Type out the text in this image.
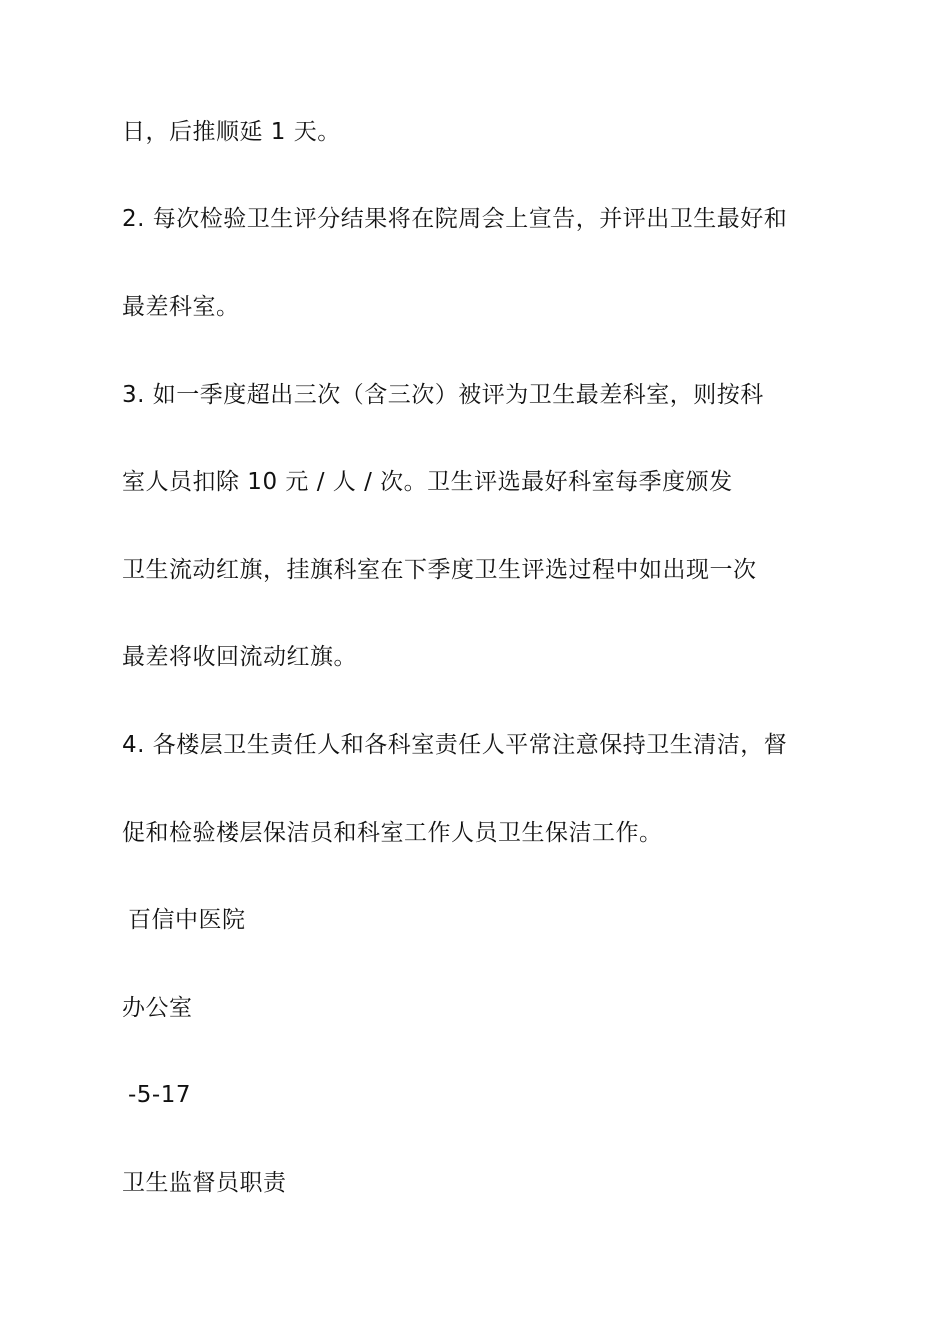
日，后推顺延 1 天。
2. 每次检验卫生评分结果将在院周会上宣告，并评出卫生最好和
最差科室。
3. 如一季度超出三次（含三次）被评为卫生最差科室，则按科
室人员扣除 10 元 / 人 / 次。卫生评选最好科室每季度颁发
卫生流动红旗，挂旗科室在下季度卫生评选过程中如出现一次
最差将收回流动红旗。
4. 各楼层卫生责任人和各科室责任人平常注意保持卫生清洁，督
促和检验楼层保洁员和科室工作人员卫生保洁工作。
百信中医院
办公室
-5-17
卫生监督员职责
